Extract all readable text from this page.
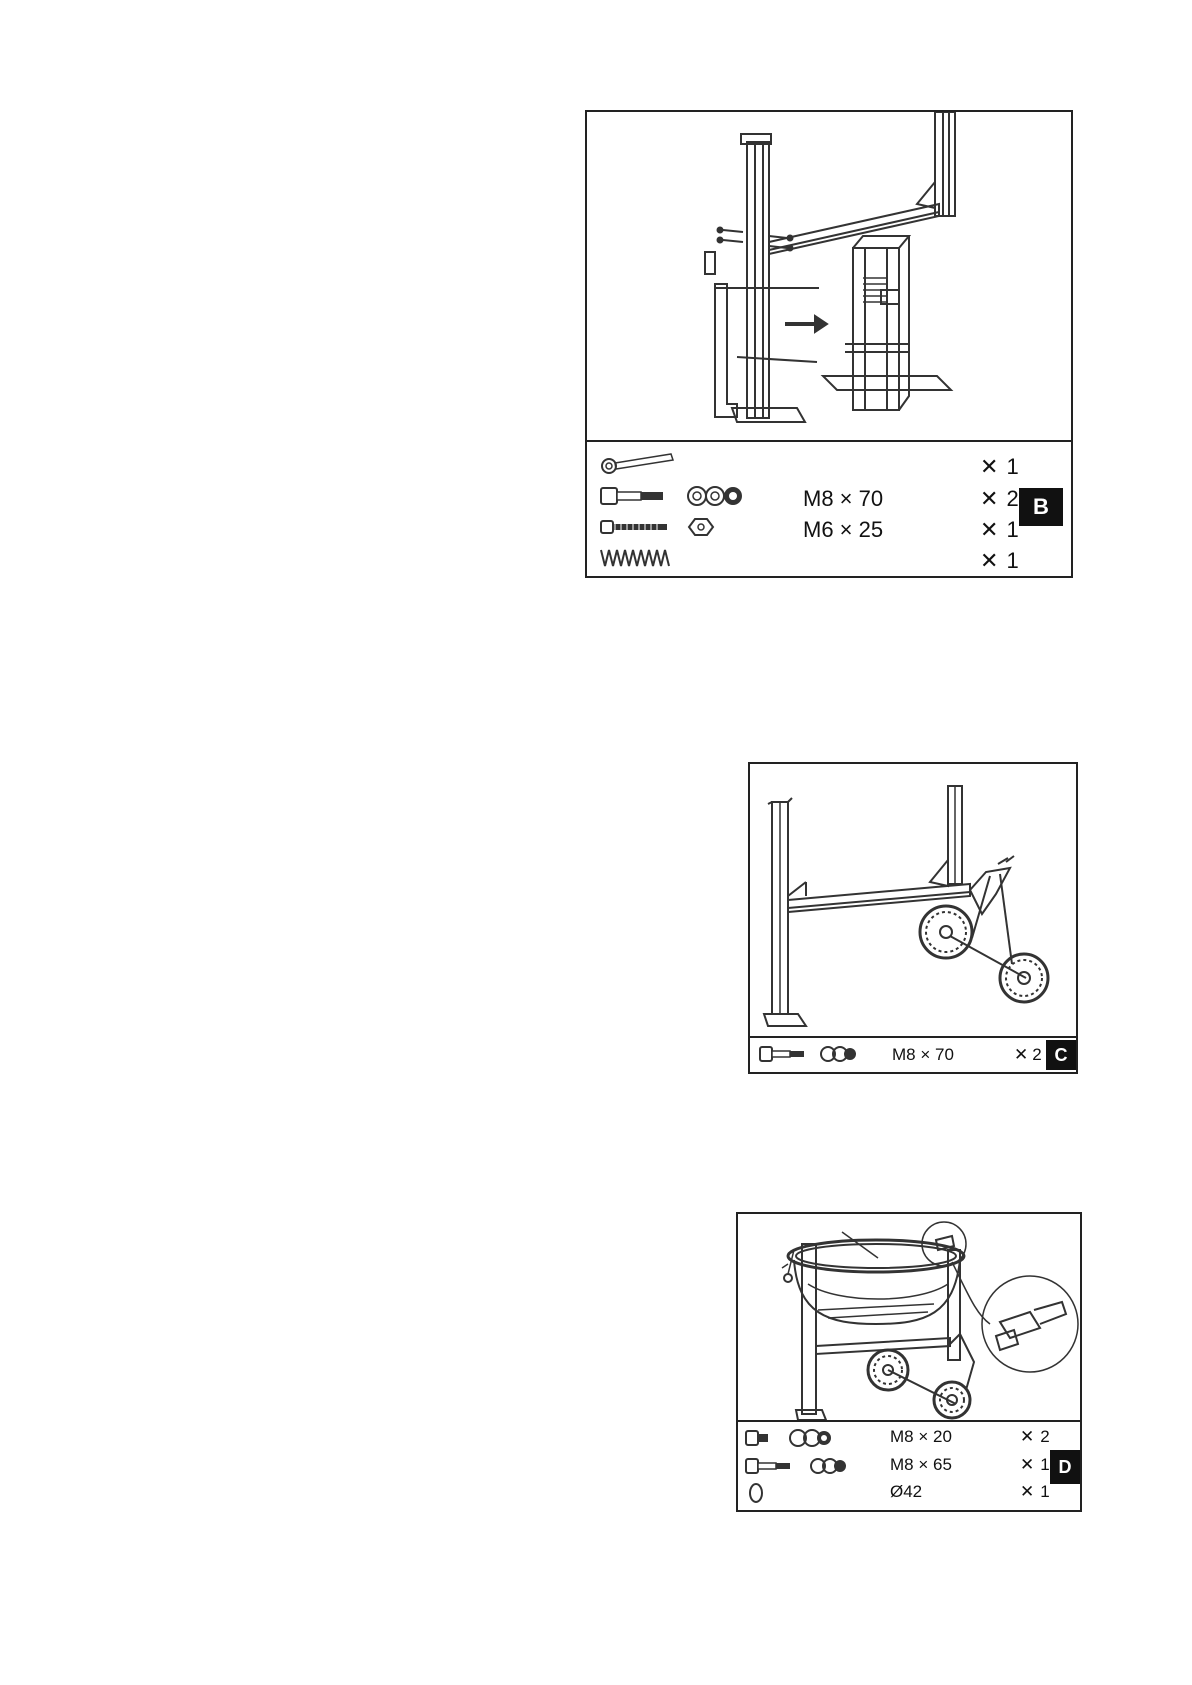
✕ 1
M8 × 70	✕ 2
M6 × 25	✕ 1
✕ 1
B
M8 × 70	✕ 2 C
M8 × 20	✕ 2
M8 × 65	✕ 1
Ø42	✕ 1
D
